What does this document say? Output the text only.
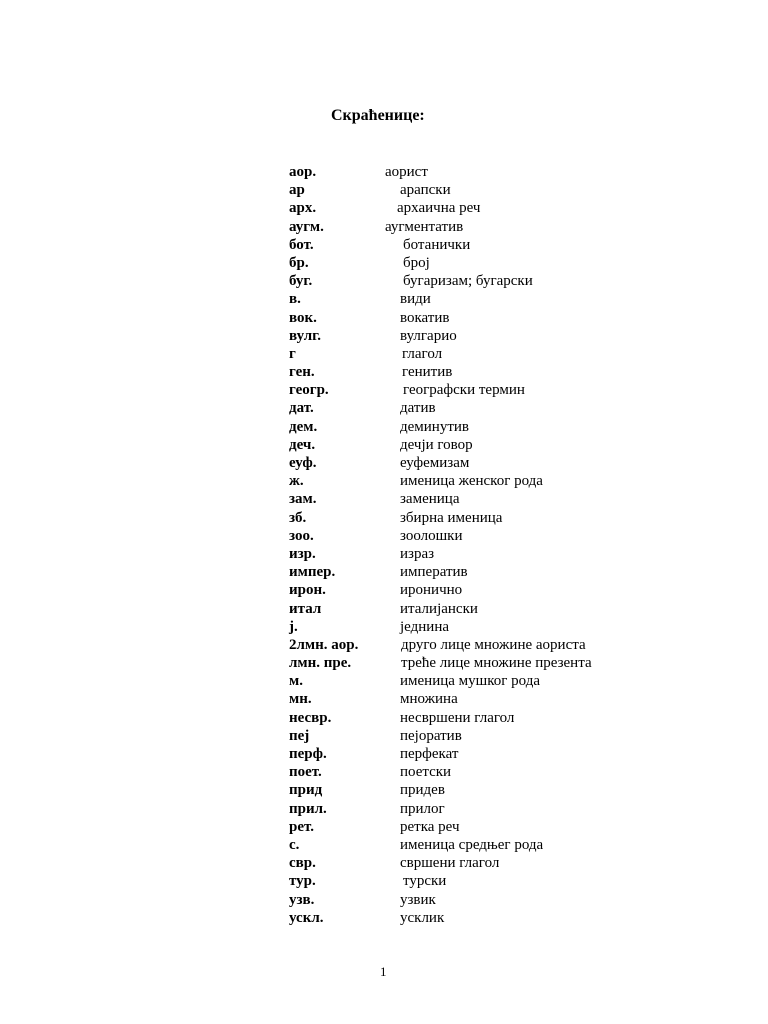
Скраћенице:
аор.	аорист
ар	арапски
арх.	архаична реч
аугм.	аугментатив
бот.	ботанички
бр.	број
буг.	бугаризам; бугарски
в.	види
вок.	вокатив
вулг.	вулгарио
г	глагол
ген.	генитив
геогр.	географски термин
дат.	датив
дем.	деминутив
деч.	дечји говор
еуф.	еуфемизам
ж.	именица женског рода
зам.	заменица
зб.	збирна именица
зоо.	зоолошки
изр.	израз
импер.	императив
ирон.	иронично
итал	италијански
ј.	једнина
2лмн. аор.	друго лице множине аориста
лмн. пре.	треће лице множине презента
м.	именица мушког рода
мн.	множина
несвр.	несвршени глагол
пеј	пејоратив
перф.	перфекат
поет.	поетски
прид	придев
прил.	прилог
рет.	ретка реч
с.	именица средњег рода
свр.	свршени глагол
тур.	турски
узв.	узвик
ускл.	усклик
1
